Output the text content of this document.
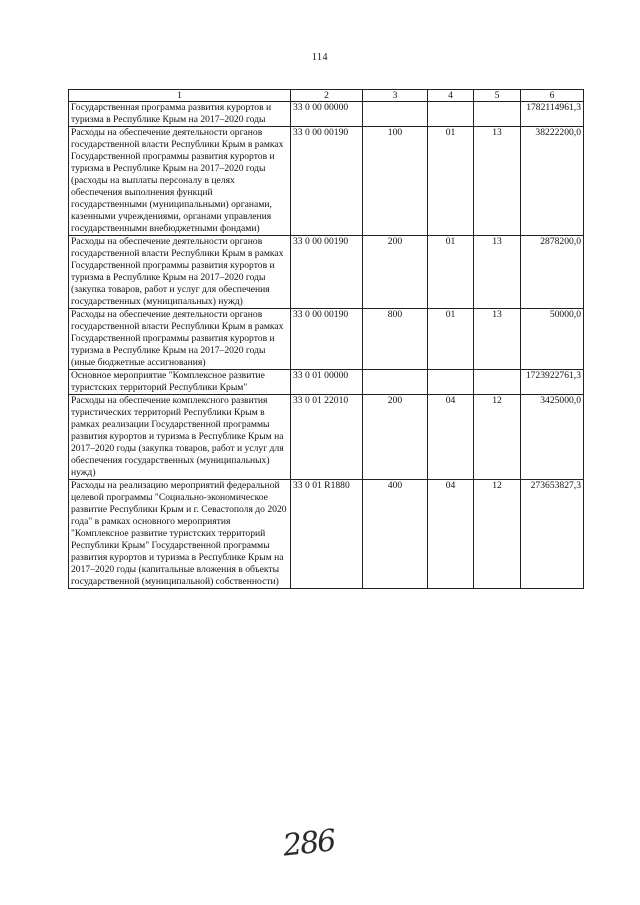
114
1	2	3	4	5	6
Государственная программа развития курортов и туризма в Республике Крым на 2017–2020 годы	33 0 00 00000				1782114961,3
Расходы на обеспечение деятельности органов государственной власти Республики Крым в рамках Государственной программы развития курортов и туризма в Республике Крым на 2017–2020 годы (расходы на выплаты персоналу в целях обеспечения выполнения функций государственными (муниципальными) органами, казенными учреждениями, органами управления государственными внебюджетными фондами)	33 0 00 00190	100	01	13	38222200,0
Расходы на обеспечение деятельности органов государственной власти Республики Крым в рамках Государственной программы развития курортов и туризма в Республике Крым на 2017–2020 годы (закупка товаров, работ и услуг для обеспечения государственных (муниципальных) нужд)	33 0 00 00190	200	01	13	2878200,0
Расходы на обеспечение деятельности органов государственной власти Республики Крым в рамках Государственной программы развития курортов и туризма в Республике Крым на 2017–2020 годы (иные бюджетные ассигнования)	33 0 00 00190	800	01	13	50000,0
Основное мероприятие "Комплексное развитие туристских территорий Республики Крым"	33 0 01 00000				1723922761,3
Расходы на обеспечение комплексного развития туристических территорий Республики Крым в рамках реализации Государственной программы развития курортов и туризма в Республике Крым на 2017–2020 годы (закупка товаров, работ и услуг для обеспечения государственных (муниципальных) нужд)	33 0 01 22010	200	04	12	3425000,0
Расходы на реализацию мероприятий федеральной целевой программы "Социально-экономическое развитие Республики Крым и г. Севастополя до 2020 года" в рамках основного мероприятия "Комплексное развитие туристских территорий Республики Крым" Государственной программы развития курортов и туризма в Республике Крым на 2017–2020 годы (капитальные вложения в объекты государственной (муниципальной) собственности)	33 0 01 R1880	400	04	12	273653827,3
286
